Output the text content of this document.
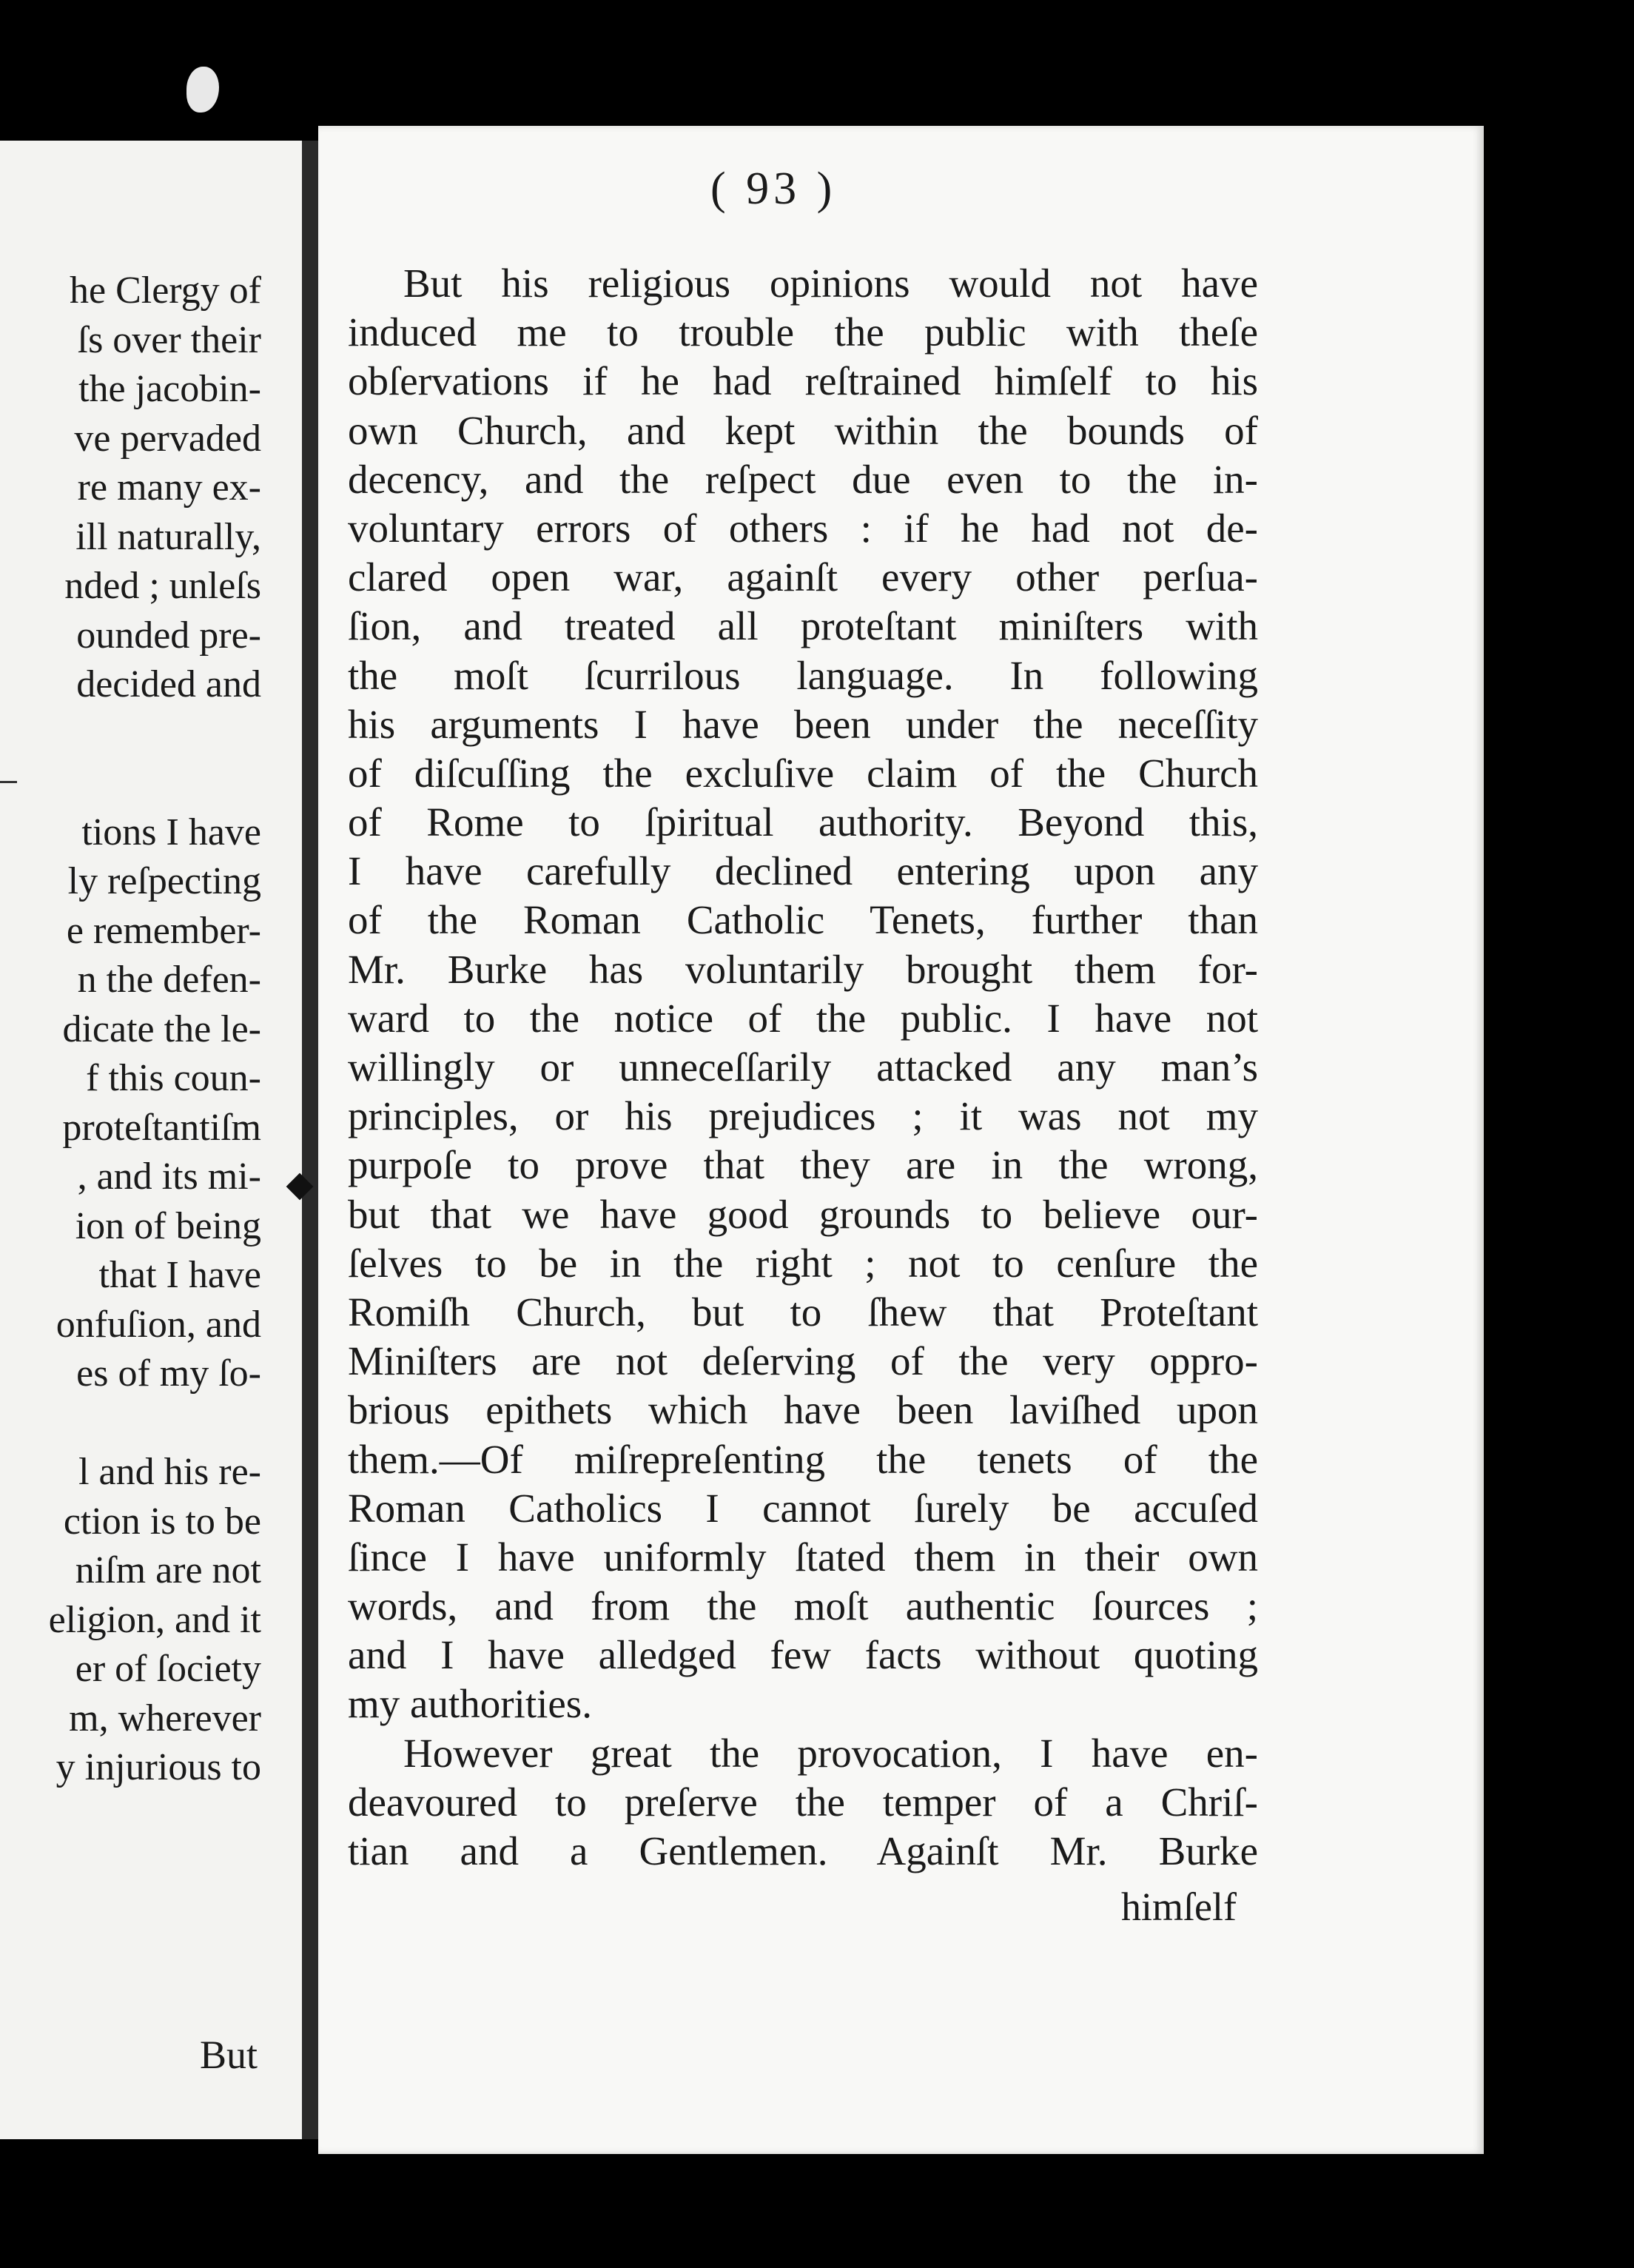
he Clergy of
ſs over their
the jacobin-
ve pervaded
re many ex-
ill naturally,
nded ; unleſs
ounded pre-
decided and
tions I have
ly reſpecting
e remember-
n the defen-
dicate the le-
f this coun-
proteſtantiſm
, and its mi-
ion of being
that I have
onfuſion, and
es of my ſo-
l and his re-
ction is to be
niſm are not
eligion, and it
er of ſociety
m, wherever
y injurious to
But
( 93 )
But his religious opinions would not have
induced me to trouble the public with theſe
obſervations if he had reſtrained himſelf to his
own Church, and kept within the bounds of
decency, and the reſpect due even to the in-
voluntary errors of others : if he had not de-
clared open war, againſt every other perſua-
ſion, and treated all proteſtant miniſters with
the moſt ſcurrilous language. In following
his arguments I have been under the neceſſity
of diſcuſſing the excluſive claim of the Church
of Rome to ſpiritual authority. Beyond this,
I have carefully declined entering upon any
of the Roman Catholic Tenets, further than
Mr. Burke has voluntarily brought them for-
ward to the notice of the public. I have not
willingly or unneceſſarily attacked any man’s
principles, or his prejudices ; it was not my
purpoſe to prove that they are in the wrong,
but that we have good grounds to believe our-
ſelves to be in the right ; not to cenſure the
Romiſh Church, but to ſhew that Proteſtant
Miniſters are not deſerving of the very oppro-
brious epithets which have been laviſhed upon
them.—Of miſrepreſenting the tenets of the
Roman Catholics I cannot ſurely be accuſed
ſince I have uniformly ſtated them in their own
words, and from the moſt authentic ſources ;
and I have alledged few facts without quoting
my authorities.
However great the provocation, I have en-
deavoured to preſerve the temper of a Chriſ-
tian and a Gentlemen. Againſt Mr. Burke
himſelf
